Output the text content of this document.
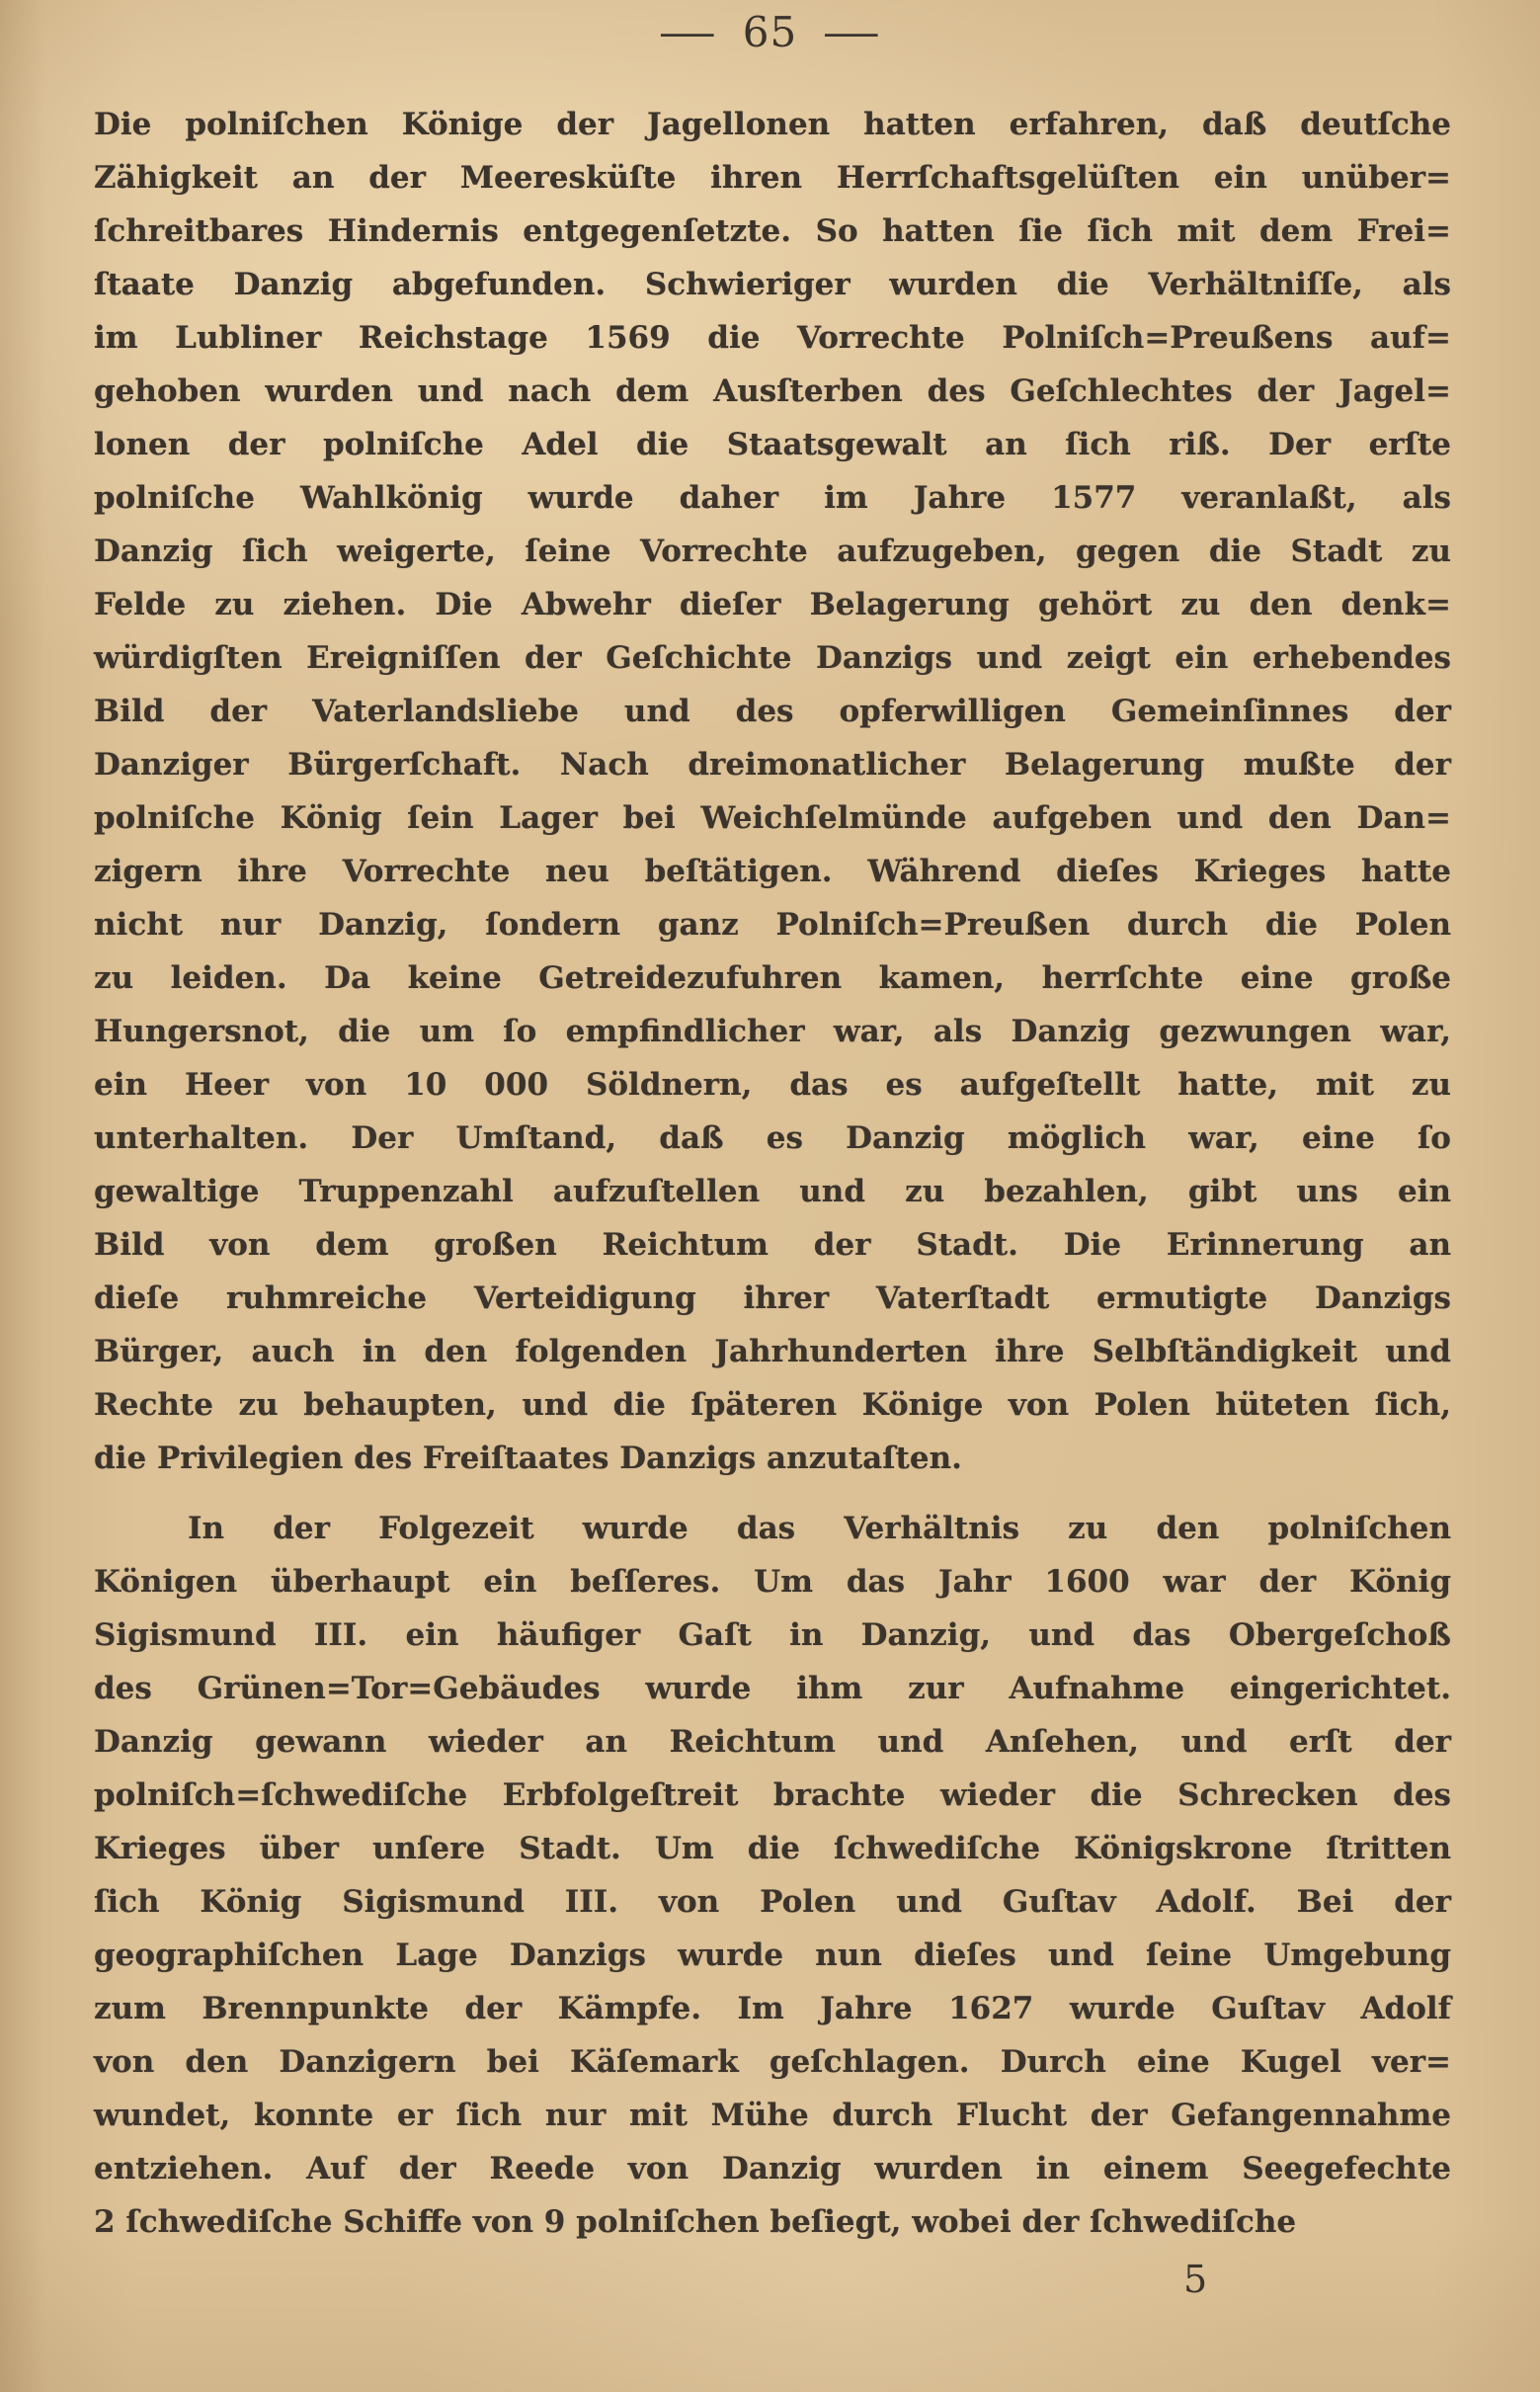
— 65 —
Die polniſchen Könige der Jagellonen hatten erfahren, daß deutſche
Zähigkeit an der Meeresküſte ihren Herrſchaftsgelüſten ein unüber=
ſchreitbares Hindernis entgegenſetzte. So hatten ſie ſich mit dem Frei=
ſtaate Danzig abgefunden. Schwieriger wurden die Verhältniſſe, als
im Lubliner Reichstage 1569 die Vorrechte Polniſch=Preußens auf=
gehoben wurden und nach dem Ausſterben des Geſchlechtes der Jagel=
lonen der polniſche Adel die Staatsgewalt an ſich riß. Der erſte
polniſche Wahlkönig wurde daher im Jahre 1577 veranlaßt, als
Danzig ſich weigerte, ſeine Vorrechte aufzugeben, gegen die Stadt zu
Felde zu ziehen. Die Abwehr dieſer Belagerung gehört zu den denk=
würdigſten Ereigniſſen der Geſchichte Danzigs und zeigt ein erhebendes
Bild der Vaterlandsliebe und des opferwilligen Gemeinſinnes der
Danziger Bürgerſchaft. Nach dreimonatlicher Belagerung mußte der
polniſche König ſein Lager bei Weichſelmünde aufgeben und den Dan=
zigern ihre Vorrechte neu beſtätigen. Während dieſes Krieges hatte
nicht nur Danzig, ſondern ganz Polniſch=Preußen durch die Polen
zu leiden. Da keine Getreidezufuhren kamen, herrſchte eine große
Hungersnot, die um ſo empfindlicher war, als Danzig gezwungen war,
ein Heer von 10 000 Söldnern, das es aufgeſtellt hatte, mit zu
unterhalten. Der Umſtand, daß es Danzig möglich war, eine ſo
gewaltige Truppenzahl aufzuſtellen und zu bezahlen, gibt uns ein
Bild von dem großen Reichtum der Stadt. Die Erinnerung an
dieſe ruhmreiche Verteidigung ihrer Vaterſtadt ermutigte Danzigs
Bürger, auch in den folgenden Jahrhunderten ihre Selbſtändigkeit und
Rechte zu behaupten, und die ſpäteren Könige von Polen hüteten ſich,
die Privilegien des Freiſtaates Danzigs anzutaſten.
In der Folgezeit wurde das Verhältnis zu den polniſchen
Königen überhaupt ein beſſeres. Um das Jahr 1600 war der König
Sigismund III. ein häufiger Gaſt in Danzig, und das Obergeſchoß
des Grünen=Tor=Gebäudes wurde ihm zur Aufnahme eingerichtet.
Danzig gewann wieder an Reichtum und Anſehen, und erſt der
polniſch=ſchwediſche Erbfolgeſtreit brachte wieder die Schrecken des
Krieges über unſere Stadt. Um die ſchwediſche Königskrone ſtritten
ſich König Sigismund III. von Polen und Guſtav Adolf. Bei der
geographiſchen Lage Danzigs wurde nun dieſes und ſeine Umgebung
zum Brennpunkte der Kämpfe. Im Jahre 1627 wurde Guſtav Adolf
von den Danzigern bei Käſemark geſchlagen. Durch eine Kugel ver=
wundet, konnte er ſich nur mit Mühe durch Flucht der Gefangennahme
entziehen. Auf der Reede von Danzig wurden in einem Seegefechte
2 ſchwediſche Schiffe von 9 polniſchen beſiegt, wobei der ſchwediſche
5
